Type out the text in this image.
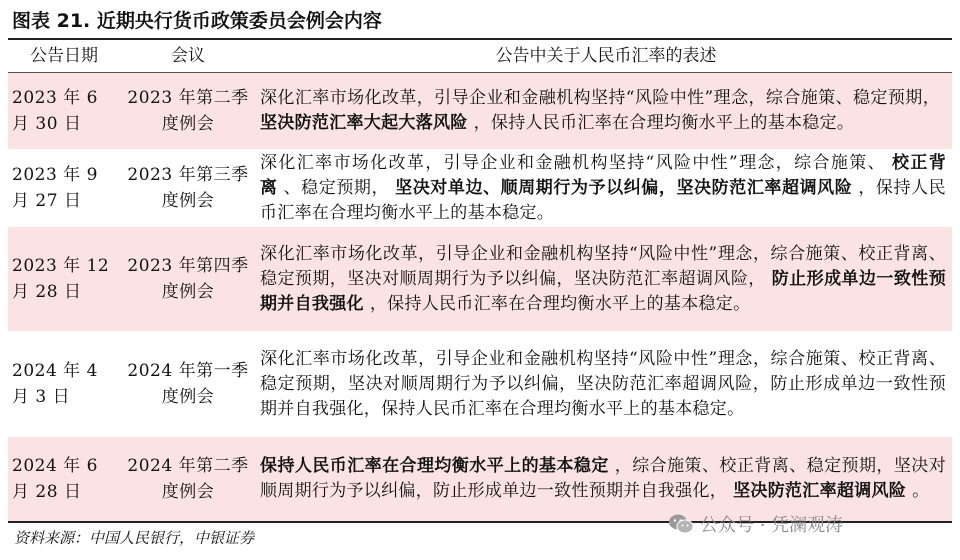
图表 21. 近期央行货币政策委员会例会内容
公告日期	会议	公告中关于人民币汇率的表述
2023 年 6
月 30 日
2023 年第二季
度例会
深化汇率市场化改革，引导企业和金融机构坚持“风险中性”理念，综合施策、稳定预期，坚决防范汇率大起大落风险 ，保持人民币汇率在合理均衡水平上的基本稳定。
2023 年 9
月 27 日
2023 年第三季
度例会
深化汇率市场化改革，引导企业和金融机构坚持“风险中性”理念，综合施策、 校正背离 、稳定预期， 坚决对单边、顺周期行为予以纠偏，坚决防范汇率超调风险 ，保持人民币汇率在合理均衡水平上的基本稳定。
2023 年 12
月 28 日
2023 年第四季
度例会
深化汇率市场化改革，引导企业和金融机构坚持“风险中性”理念，综合施策、校正背离、稳定预期，坚决对顺周期行为予以纠偏，坚决防范汇率超调风险， 防止形成单边一致性预期并自我强化 ，保持人民币汇率在合理均衡水平上的基本稳定。
2024 年 4
月 3 日
2024 年第一季
度例会
深化汇率市场化改革，引导企业和金融机构坚持“风险中性”理念，综合施策、校正背离、稳定预期，坚决对顺周期行为予以纠偏，坚决防范汇率超调风险，防止形成单边一致性预期并自我强化，保持人民币汇率在合理均衡水平上的基本稳定。
2024 年 6
月 28 日
2024 年第二季
度例会
保持人民币汇率在合理均衡水平上的基本稳定 ，综合施策、校正背离、稳定预期，坚决对顺周期行为予以纠偏，防止形成单边一致性预期并自我强化， 坚决防范汇率超调风险 。
资料来源：中国人民银行，中银证券
公众号 · 凭澜观涛
